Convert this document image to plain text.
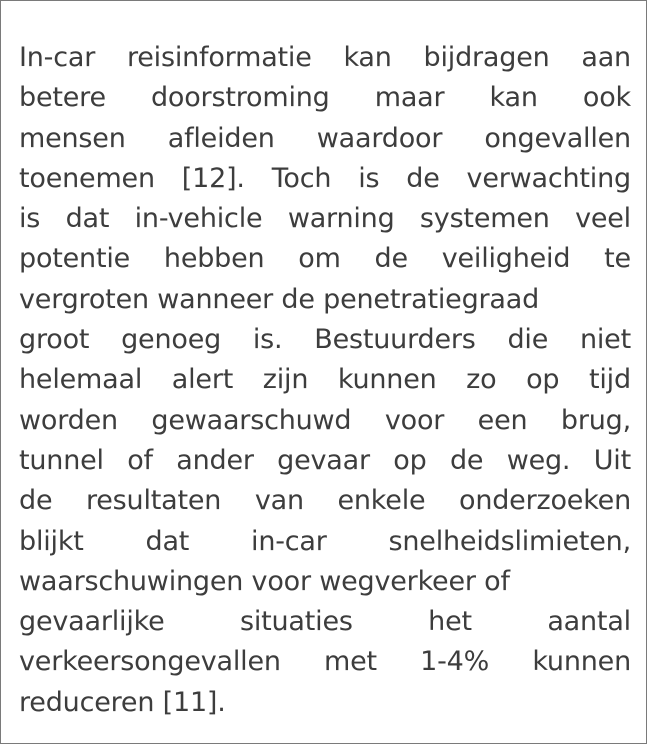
In-car reisinformatie kan bijdragen aan
betere doorstroming maar kan ook
mensen afleiden waardoor ongevallen
toenemen [12]. Toch is de verwachting
is dat in-vehicle warning systemen veel
potentie hebben om de veiligheid te
vergroten wanneer de penetratiegraad
groot genoeg is. Bestuurders die niet
helemaal alert zijn kunnen zo op tijd
worden gewaarschuwd voor een brug,
tunnel of ander gevaar op de weg. Uit
de resultaten van enkele onderzoeken
blijkt dat in-car snelheidslimieten,
waarschuwingen voor wegverkeer of
gevaarlijke	situaties	het	aantal
verkeersongevallen met 1-4% kunnen
reduceren [11].
